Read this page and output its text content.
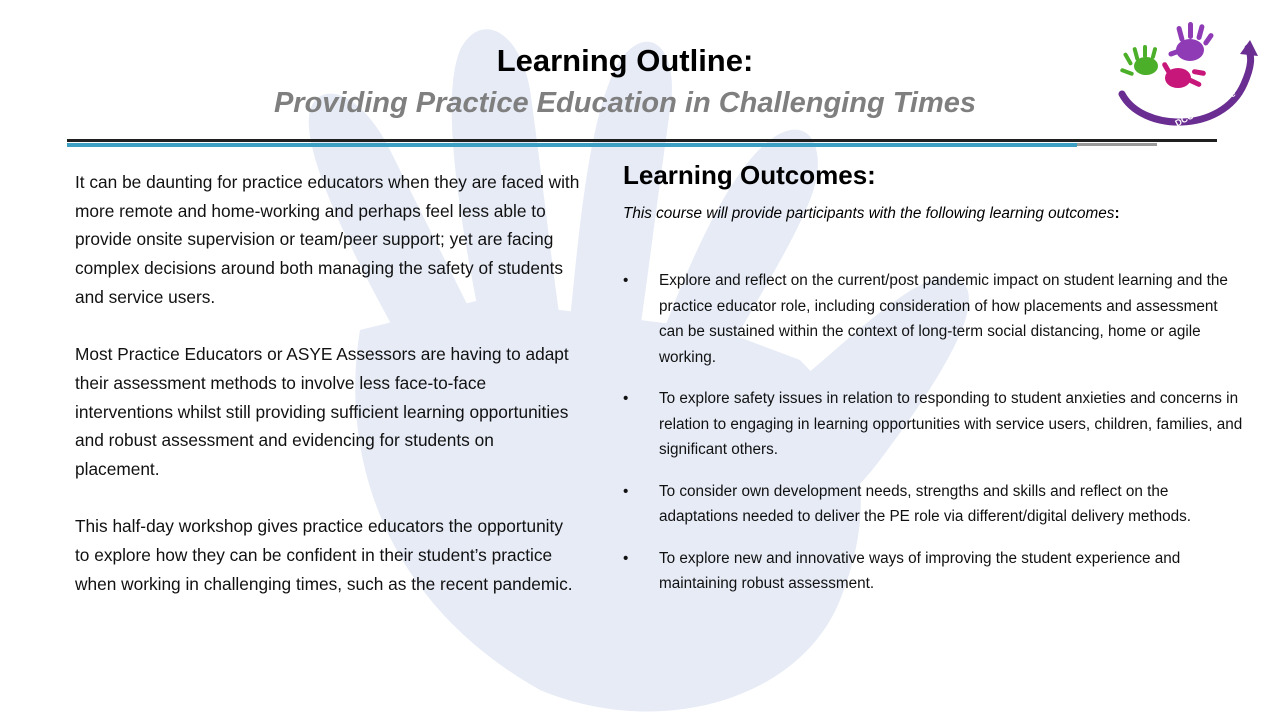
Learning Outline:
Providing Practice Education in Challenging Times	DCC Interactive

It can be daunting for practice educators when they are faced with more remote and home-working and perhaps feel less able to provide onsite supervision or team/peer support; yet are facing complex decisions around both managing the safety of students and service users.

Most Practice Educators or ASYE Assessors are having to adapt their assessment methods to involve less face-to-face interventions whilst still providing sufficient learning opportunities and robust assessment and evidencing for students on placement.

This half-day workshop gives practice educators the opportunity to explore how they can be confident in their student’s practice when working in challenging times, such as the recent pandemic.

Learning Outcomes:
This course will provide participants with the following learning outcomes:
• Explore and reflect on the current/post pandemic impact on student learning and the practice educator role, including consideration of how placements and assessment can be sustained within the context of long-term social distancing, home or agile working.
• To explore safety issues in relation to responding to student anxieties and concerns in relation to engaging in learning opportunities with service users, children, families, and significant others.
• To consider own development needs, strengths and skills and reflect on the adaptations needed to deliver the PE role via different/digital delivery methods.
• To explore new and innovative ways of improving the student experience and maintaining robust assessment.
